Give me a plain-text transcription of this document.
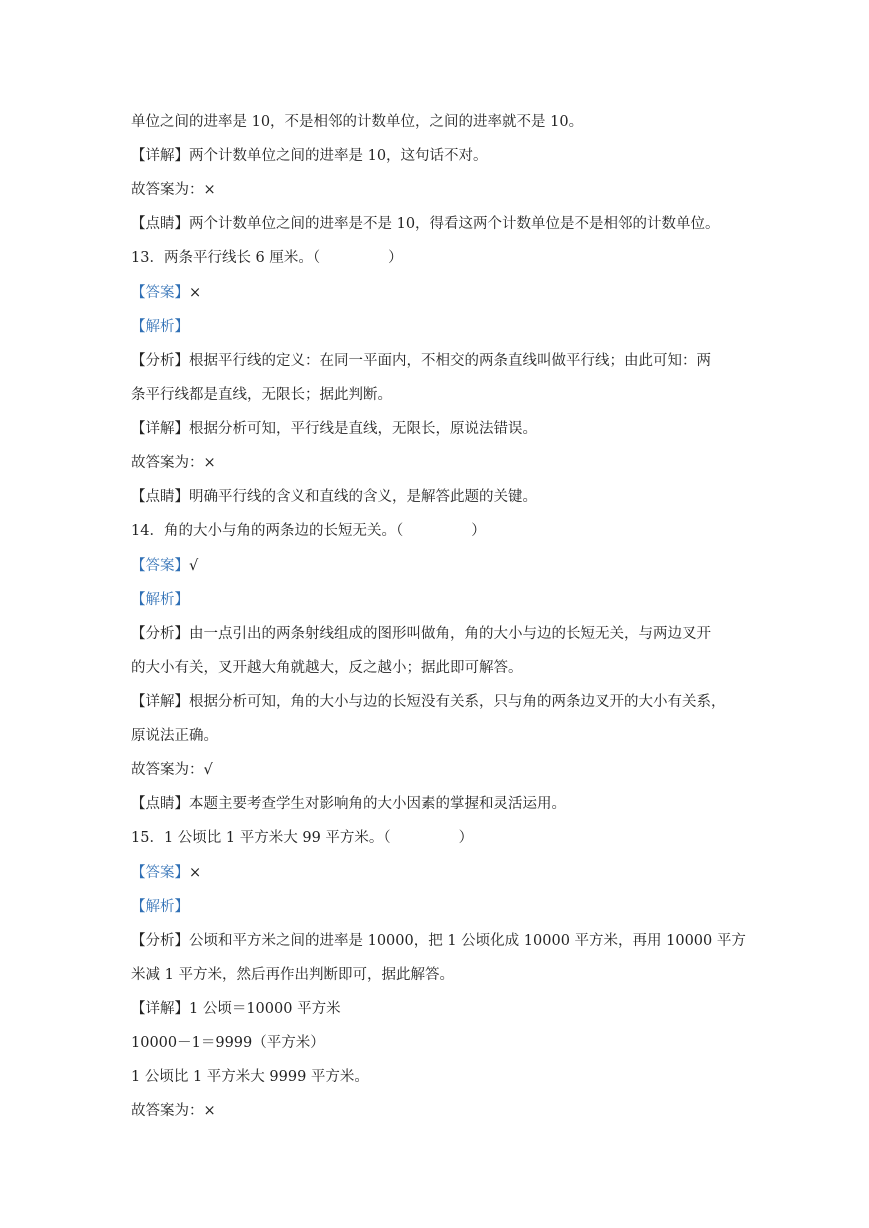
单位之间的进率是 10，不是相邻的计数单位，之间的进率就不是 10。
【详解】两个计数单位之间的进率是 10，这句话不对。
故答案为：×
【点睛】两个计数单位之间的进率是不是 10，得看这两个计数单位是不是相邻的计数单位。
13．两条平行线长 6 厘米。（	）
【答案】×
【解析】
【分析】根据平行线的定义：在同一平面内，不相交的两条直线叫做平行线；由此可知：两
条平行线都是直线，无限长；据此判断。
【详解】根据分析可知，平行线是直线，无限长，原说法错误。
故答案为：×
【点睛】明确平行线的含义和直线的含义，是解答此题的关键。
14．角的大小与角的两条边的长短无关。（	）
【答案】√
【解析】
【分析】由一点引出的两条射线组成的图形叫做角，角的大小与边的长短无关，与两边叉开
的大小有关，叉开越大角就越大，反之越小；据此即可解答。
【详解】根据分析可知，角的大小与边的长短没有关系，只与角的两条边叉开的大小有关系，
原说法正确。
故答案为：√
【点睛】本题主要考查学生对影响角的大小因素的掌握和灵活运用。
15．1 公顷比 1 平方米大 99 平方米。（	）
【答案】×
【解析】
【分析】公顷和平方米之间的进率是 10000，把 1 公顷化成 10000 平方米，再用 10000 平方
米减 1 平方米，然后再作出判断即可，据此解答。
【详解】1 公顷＝10000 平方米
10000－1＝9999（平方米）
1 公顷比 1 平方米大 9999 平方米。
故答案为：×
